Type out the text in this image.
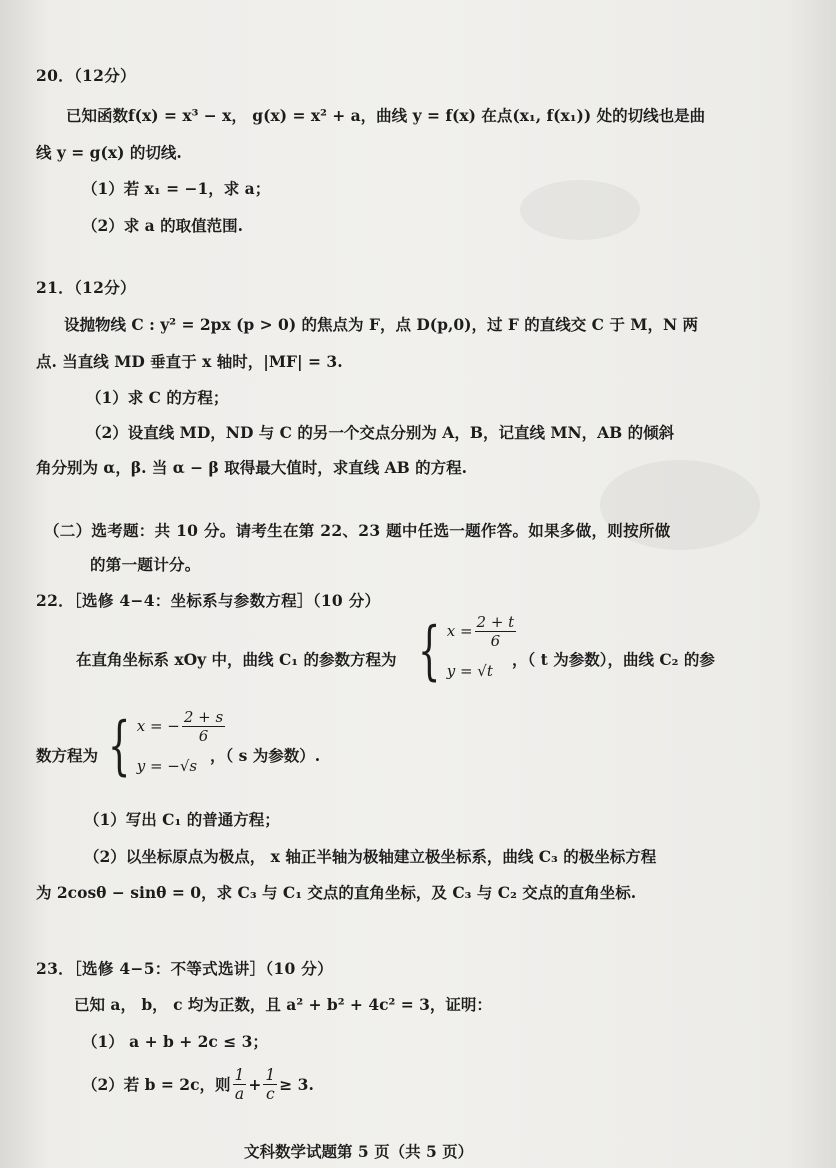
20．（12分）
已知函数f(x) = x³ − x， g(x) = x² + a，曲线 y = f(x) 在点(x₁, f(x₁)) 处的切线也是曲
线 y = g(x) 的切线.
（1）若 x₁ = −1，求 a；
（2）求 a 的取值范围.
21．（12分）
设抛物线 C : y² = 2px (p > 0) 的焦点为 F，点 D(p,0)，过 F 的直线交 C 于 M，N 两
点. 当直线 MD 垂直于 x 轴时，|MF| = 3.
（1）求 C 的方程；
（2）设直线 MD，ND 与 C 的另一个交点分别为 A，B，记直线 MN，AB 的倾斜
角分别为 α，β. 当 α − β 取得最大值时，求直线 AB 的方程.
（二）选考题：共 10 分。请考生在第 22、23 题中任选一题作答。如果多做，则按所做
的第一题计分。
22．［选修 4−4：坐标系与参数方程］（10 分）
在直角坐标系 xOy 中，曲线 C₁ 的参数方程为 { $x = \frac{2 + t}{6}$
y = √t
，（ t 为参数），曲线 C₂ 的参
数方程为 { x = − $\frac{2 + s}{6}$
y = −√s
，（ s 为参数）.
（1）写出 C₁ 的普通方程；
（2）以坐标原点为极点， x 轴正半轴为极轴建立极坐标系，曲线 C₃ 的极坐标方程
为 2cosθ − sinθ = 0，求 C₃ 与 C₁ 交点的直角坐标，及 C₃ 与 C₂ 交点的直角坐标.
23．［选修 4−5：不等式选讲］（10 分）
已知 a， b， c 均为正数，且 a² + b² + 4c² = 3，证明：
（1） a + b + 2c ≤ 3；
（2）若 b = 2c，则 $\frac{1}{a} + \frac{1}{c} \ge 3$.
文科数学试题第 5 页（共 5 页）
